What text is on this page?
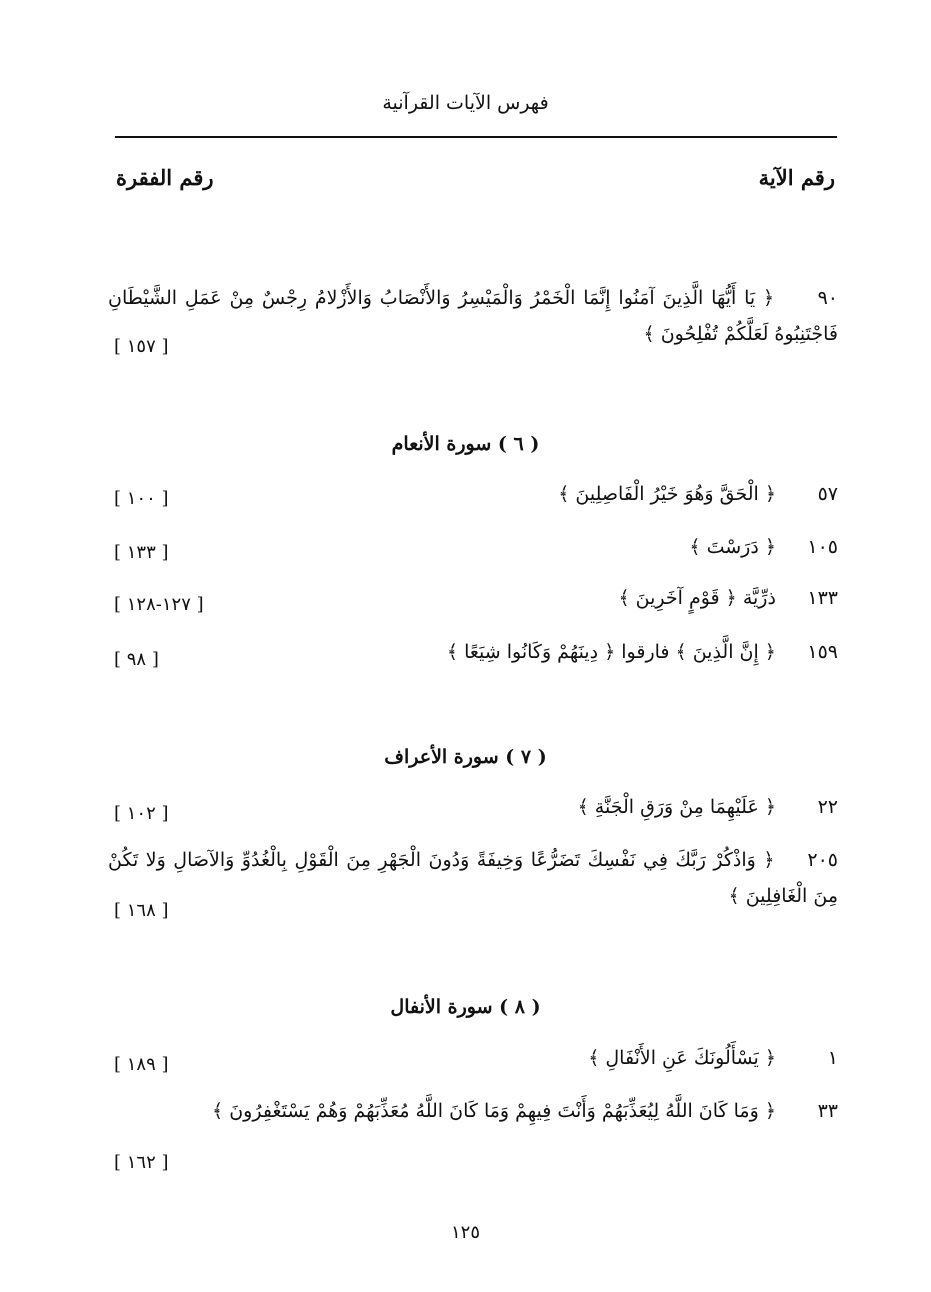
فهرس الآيات القرآنية
رقم الآية
رقم الفقرة
٩٠ ﴿ يَا أَيُّهَا الَّذِينَ آمَنُوا إِنَّمَا الْخَمْرُ وَالْمَيْسِرُ وَالأَنْصَابُ وَالأَزْلامُ رِجْسٌ مِنْ عَمَلِ الشَّيْطَانِ فَاجْتَنِبُوهُ لَعَلَّكُمْ تُفْلِحُونَ ﴾
[ ١٥٧ ]
( ٦ ) سورة الأنعام
٥٧ ﴿ الْحَقَّ وَهُوَ خَيْرُ الْفَاصِلِينَ ﴾
[ ١٠٠ ]
١٠٥ ﴿ دَرَسْتَ ﴾
[ ١٣٣ ]
١٣٣ ذرِّيَّة ﴿ قَوْمٍ آخَرِينَ ﴾
[ ١٢٧-١٢٨ ]
١٥٩ ﴿ إِنَّ الَّذِينَ ﴾ فارقوا ﴿ دِينَهُمْ وَكَانُوا شِيَعًا ﴾
[ ٩٨ ]
( ٧ ) سورة الأعراف
٢٢ ﴿ عَلَيْهِمَا مِنْ وَرَقِ الْجَنَّةِ ﴾
[ ١٠٢ ]
٢٠٥ ﴿ وَاذْكُرْ رَبَّكَ فِي نَفْسِكَ تَضَرُّعًا وَخِيفَةً وَدُونَ الْجَهْرِ مِنَ الْقَوْلِ بِالْغُدُوِّ وَالآصَالِ وَلا تَكُنْ مِنَ الْغَافِلِينَ ﴾
[ ١٦٨ ]
( ٨ ) سورة الأنفال
١ ﴿ يَسْأَلُونَكَ عَنِ الأَنْفَالِ ﴾
[ ١٨٩ ]
٣٣ ﴿ وَمَا كَانَ اللَّهُ لِيُعَذِّبَهُمْ وَأَنْتَ فِيهِمْ وَمَا كَانَ اللَّهُ مُعَذِّبَهُمْ وَهُمْ يَسْتَغْفِرُونَ ﴾
[ ١٦٢ ]
١٢٥
